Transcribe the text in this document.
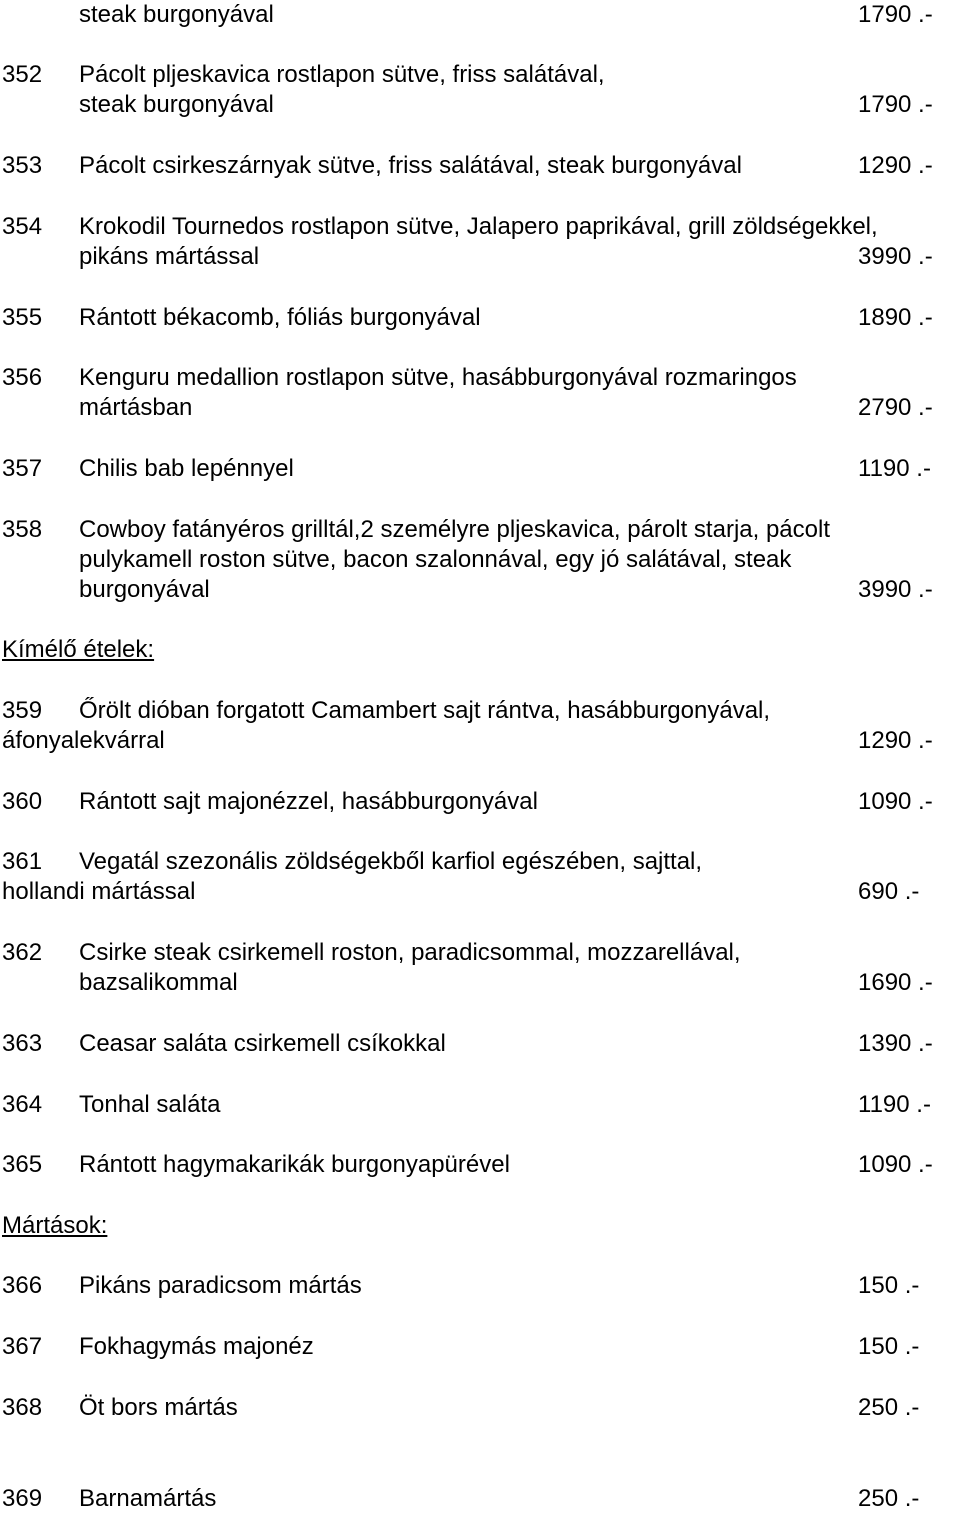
steak burgonyával	1790 .-
352 Pácolt pljeskavica rostlapon sütve, friss salátával,
steak burgonyával	1790 .-
353 Pácolt csirkeszárnyak sütve, friss salátával, steak burgonyával	1290 .-
354 Krokodil Tournedos rostlapon sütve, Jalapero paprikával, grill zöldségekkel,
pikáns mártással	3990 .-
355 Rántott békacomb, fóliás burgonyával	1890 .-
356 Kenguru medallion rostlapon sütve, hasábburgonyával rozmaringos
mártásban	2790 .-
357 Chilis bab lepénnyel	1190 .-
358 Cowboy fatányéros grilltál,2 személyre pljeskavica, párolt starja, pácolt
pulykamell roston sütve, bacon szalonnával, egy jó salátával, steak
burgonyával	3990 .-
Kímélő ételek:
359 Őrölt dióban forgatott Camambert sajt rántva, hasábburgonyával,
áfonyalekvárral	1290 .-
360 Rántott sajt majonézzel, hasábburgonyával	1090 .-
361 Vegatál szezonális zöldségekből karfiol egészében, sajttal,
hollandi mártással	690 .-
362 Csirke steak csirkemell roston, paradicsommal, mozzarellával,
bazsalikommal	1690 .-
363 Ceasar saláta csirkemell csíkokkal	1390 .-
364 Tonhal saláta	1190 .-
365 Rántott hagymakarikák burgonyapürével	1090 .-
Mártások:
366 Pikáns paradicsom mártás	150 .-
367 Fokhagymás majonéz	150 .-
368 Öt bors mártás	250 .-
369 Barnamártás	250 .-
